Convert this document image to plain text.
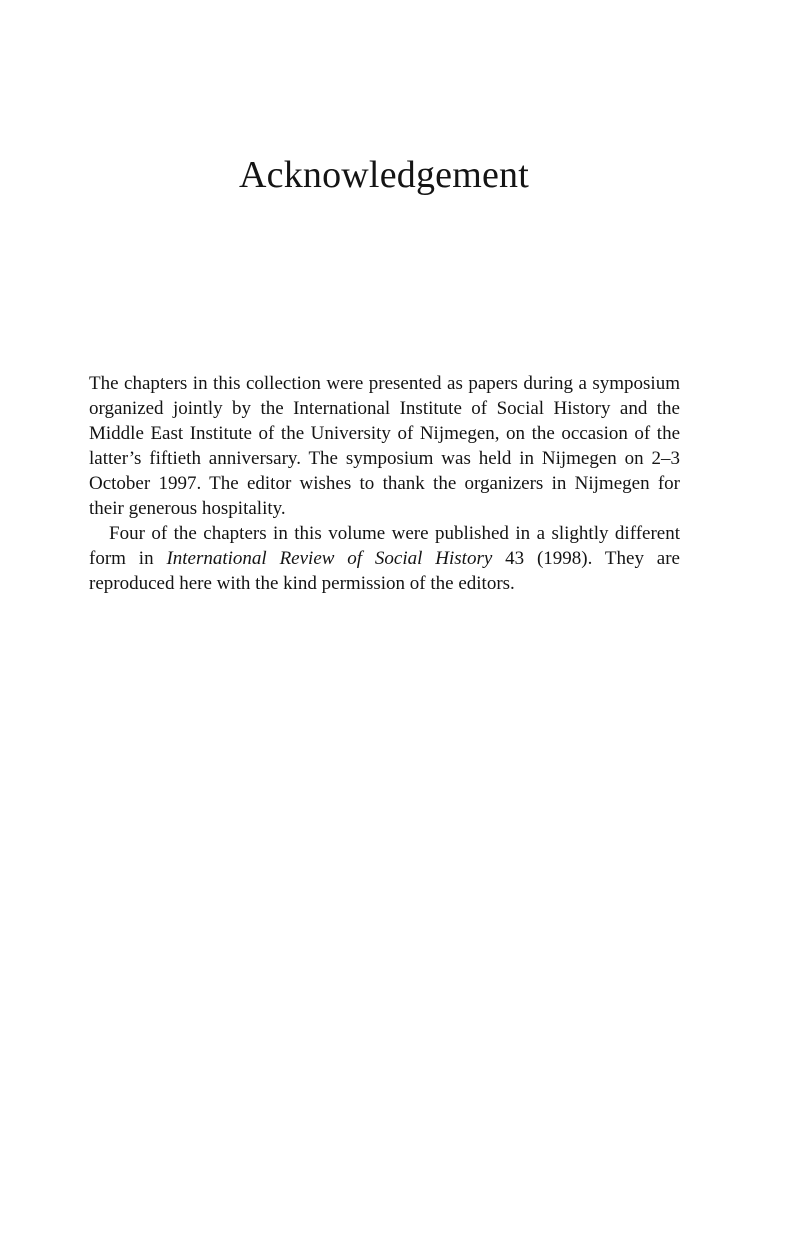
Acknowledgement

The chapters in this collection were presented as papers during a symposium organized jointly by the International Institute of Social History and the Middle East Institute of the University of Nijmegen, on the occasion of the latter’s fiftieth anniversary. The symposium was held in Nijmegen on 2–3 October 1997. The editor wishes to thank the organizers in Nijmegen for their generous hospitality.

Four of the chapters in this volume were published in a slightly different form in International Review of Social History 43 (1998). They are reproduced here with the kind permission of the editors.
